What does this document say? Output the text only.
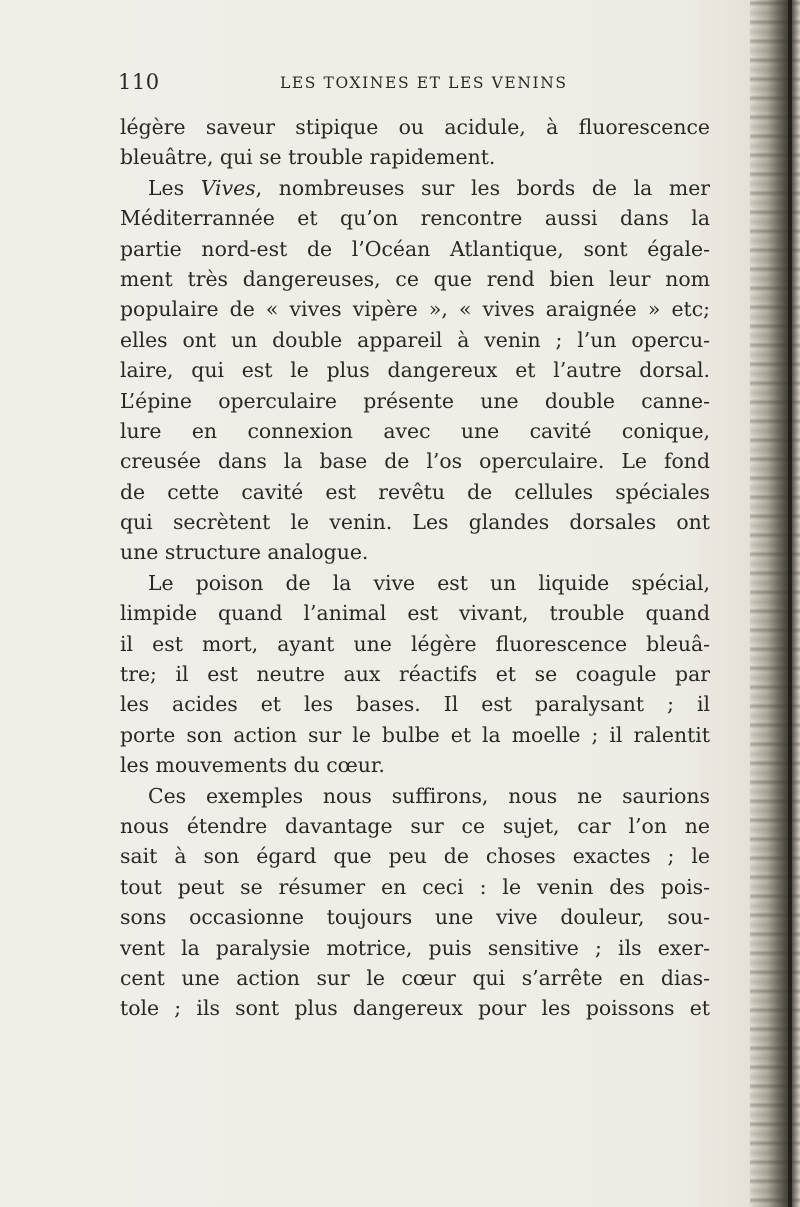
110	LES TOXINES ET LES VENINS
légère saveur stipique ou acidule, à fluorescence
bleuâtre, qui se trouble rapidement.
Les Vives, nombreuses sur les bords de la mer
Méditerrannée et qu’on rencontre aussi dans la
partie nord-est de l’Océan Atlantique, sont égale-
ment très dangereuses, ce que rend bien leur nom
populaire de « vives vipère », « vives araignée » etc;
elles ont un double appareil à venin ; l’un opercu-
laire, qui est le plus dangereux et l’autre dorsal.
L’épine operculaire présente une double canne-
lure en connexion avec une cavité conique,
creusée dans la base de l’os operculaire. Le fond
de cette cavité est revêtu de cellules spéciales
qui secrètent le venin. Les glandes dorsales ont
une structure analogue.
Le poison de la vive est un liquide spécial,
limpide quand l’animal est vivant, trouble quand
il est mort, ayant une légère fluorescence bleuâ-
tre; il est neutre aux réactifs et se coagule par
les acides et les bases. Il est paralysant ; il
porte son action sur le bulbe et la moelle ; il ralentit
les mouvements du cœur.
Ces exemples nous suffirons, nous ne saurions
nous étendre davantage sur ce sujet, car l’on ne
sait à son égard que peu de choses exactes ; le
tout peut se résumer en ceci : le venin des pois-
sons occasionne toujours une vive douleur, sou-
vent la paralysie motrice, puis sensitive ; ils exer-
cent une action sur le cœur qui s’arrête en dias-
tole ; ils sont plus dangereux pour les poissons et
